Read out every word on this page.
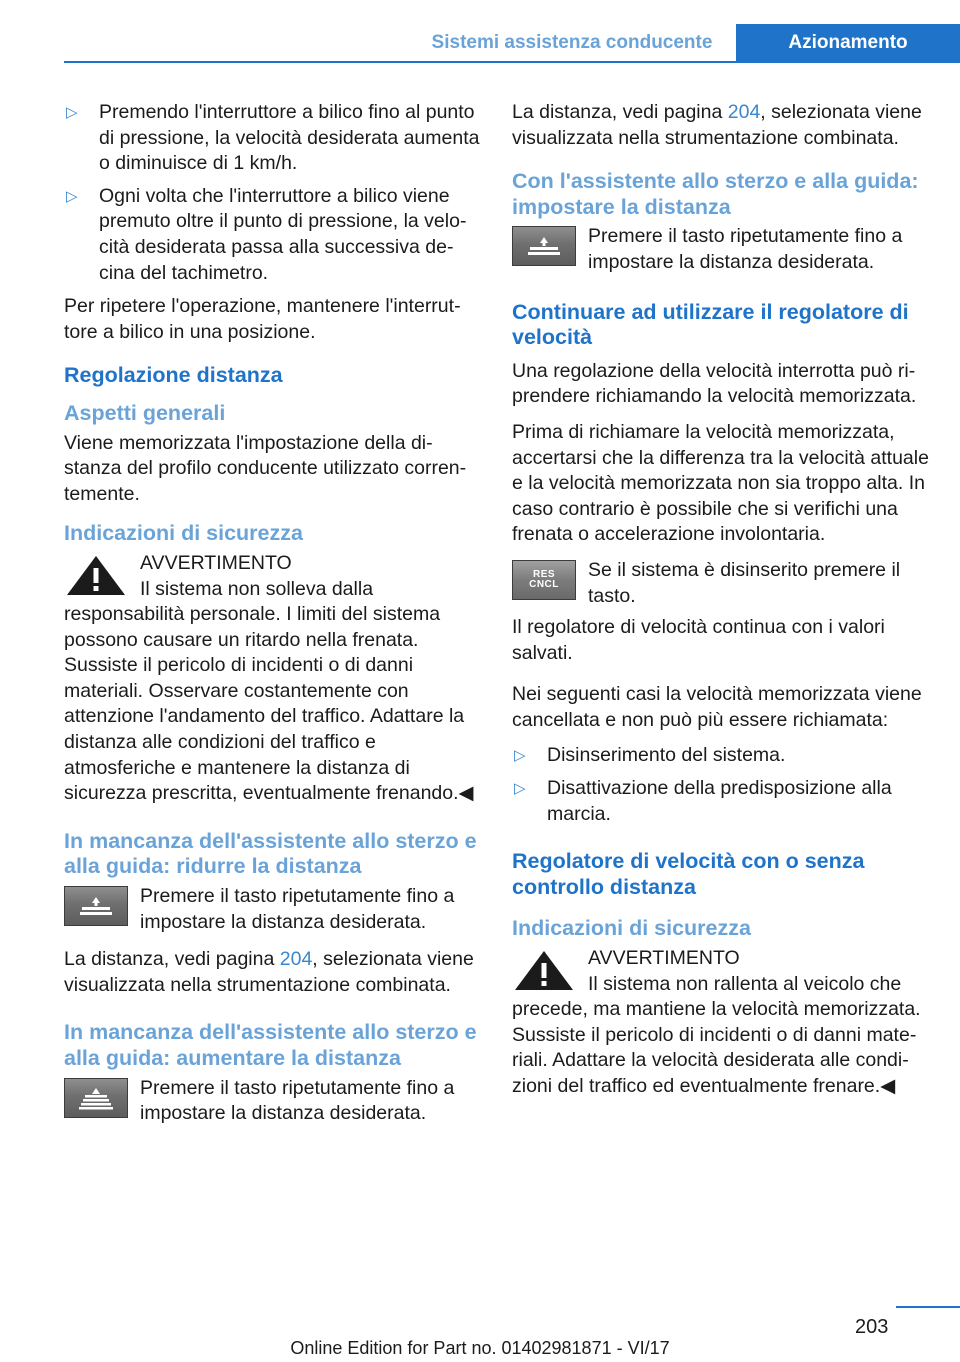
Sistemi assistenza conducente	Azionamento
▷ Premendo l'interruttore a bilico fino al punto di pressione, la velocità desiderata aumenta o diminuisce di 1 km/h.
▷ Ogni volta che l'interruttore a bilico viene premuto oltre il punto di pressione, la velocità desiderata passa alla successiva decina del tachimetro.

Per ripetere l'operazione, mantenere l'interruttore a bilico in una posizione.

Regolazione distanza
Aspetti generali

Viene memorizzata l'impostazione della distanza del profilo conducente utilizzato correntemente.

Indicazioni di sicurezza
AVVERTIMENTO
Il sistema non solleva dalla responsabilità personale. I limiti del sistema possono causare un ritardo nella frenata. Sussiste il pericolo di incidenti o di danni materiali. Osservare costantemente con attenzione l'andamento del traffico. Adattare la distanza alle condizioni del traffico e atmosferiche e mantenere la distanza di sicurezza prescritta, eventualmente frenando.◀
In mancanza dell'assistente allo sterzo e alla guida: ridurre la distanza
Premere il tasto ripetutamente fino a impostare la distanza desiderata.

La distanza, vedi pagina 204, selezionata viene visualizzata nella strumentazione combinata.

In mancanza dell'assistente allo sterzo e alla guida: aumentare la distanza
Premere il tasto ripetutamente fino a impostare la distanza desiderata.

La distanza, vedi pagina 204, selezionata viene visualizzata nella strumentazione combinata.

Con l'assistente allo sterzo e alla guida: impostare la distanza
Premere il tasto ripetutamente fino a impostare la distanza desiderata.
Continuare ad utilizzare il regolatore di velocità

Una regolazione della velocità interrotta può riprendere richiamando la velocità memorizzata.

Prima di richiamare la velocità memorizzata, accertarsi che la differenza tra la velocità attuale e la velocità memorizzata non sia troppo alta. In caso contrario è possibile che si verifichi una frenata o accelerazione involontaria.

RES
CNCL
Se il sistema è disinserito premere il tasto.

Il regolatore di velocità continua con i valori salvati.

Nei seguenti casi la velocità memorizzata viene cancellata e non può più essere richiamata:

▷ Disinserimento del sistema.
▷ Disattivazione della predisposizione alla marcia.
Regolatore di velocità con o senza controllo distanza
Indicazioni di sicurezza
AVVERTIMENTO
Il sistema non rallenta al veicolo che precede, ma mantiene la velocità memorizzata. Sussiste il pericolo di incidenti o di danni materiali. Adattare la velocità desiderata alle condizioni del traffico ed eventualmente frenare.◀
203
Online Edition for Part no. 01402981871 - VI/17
